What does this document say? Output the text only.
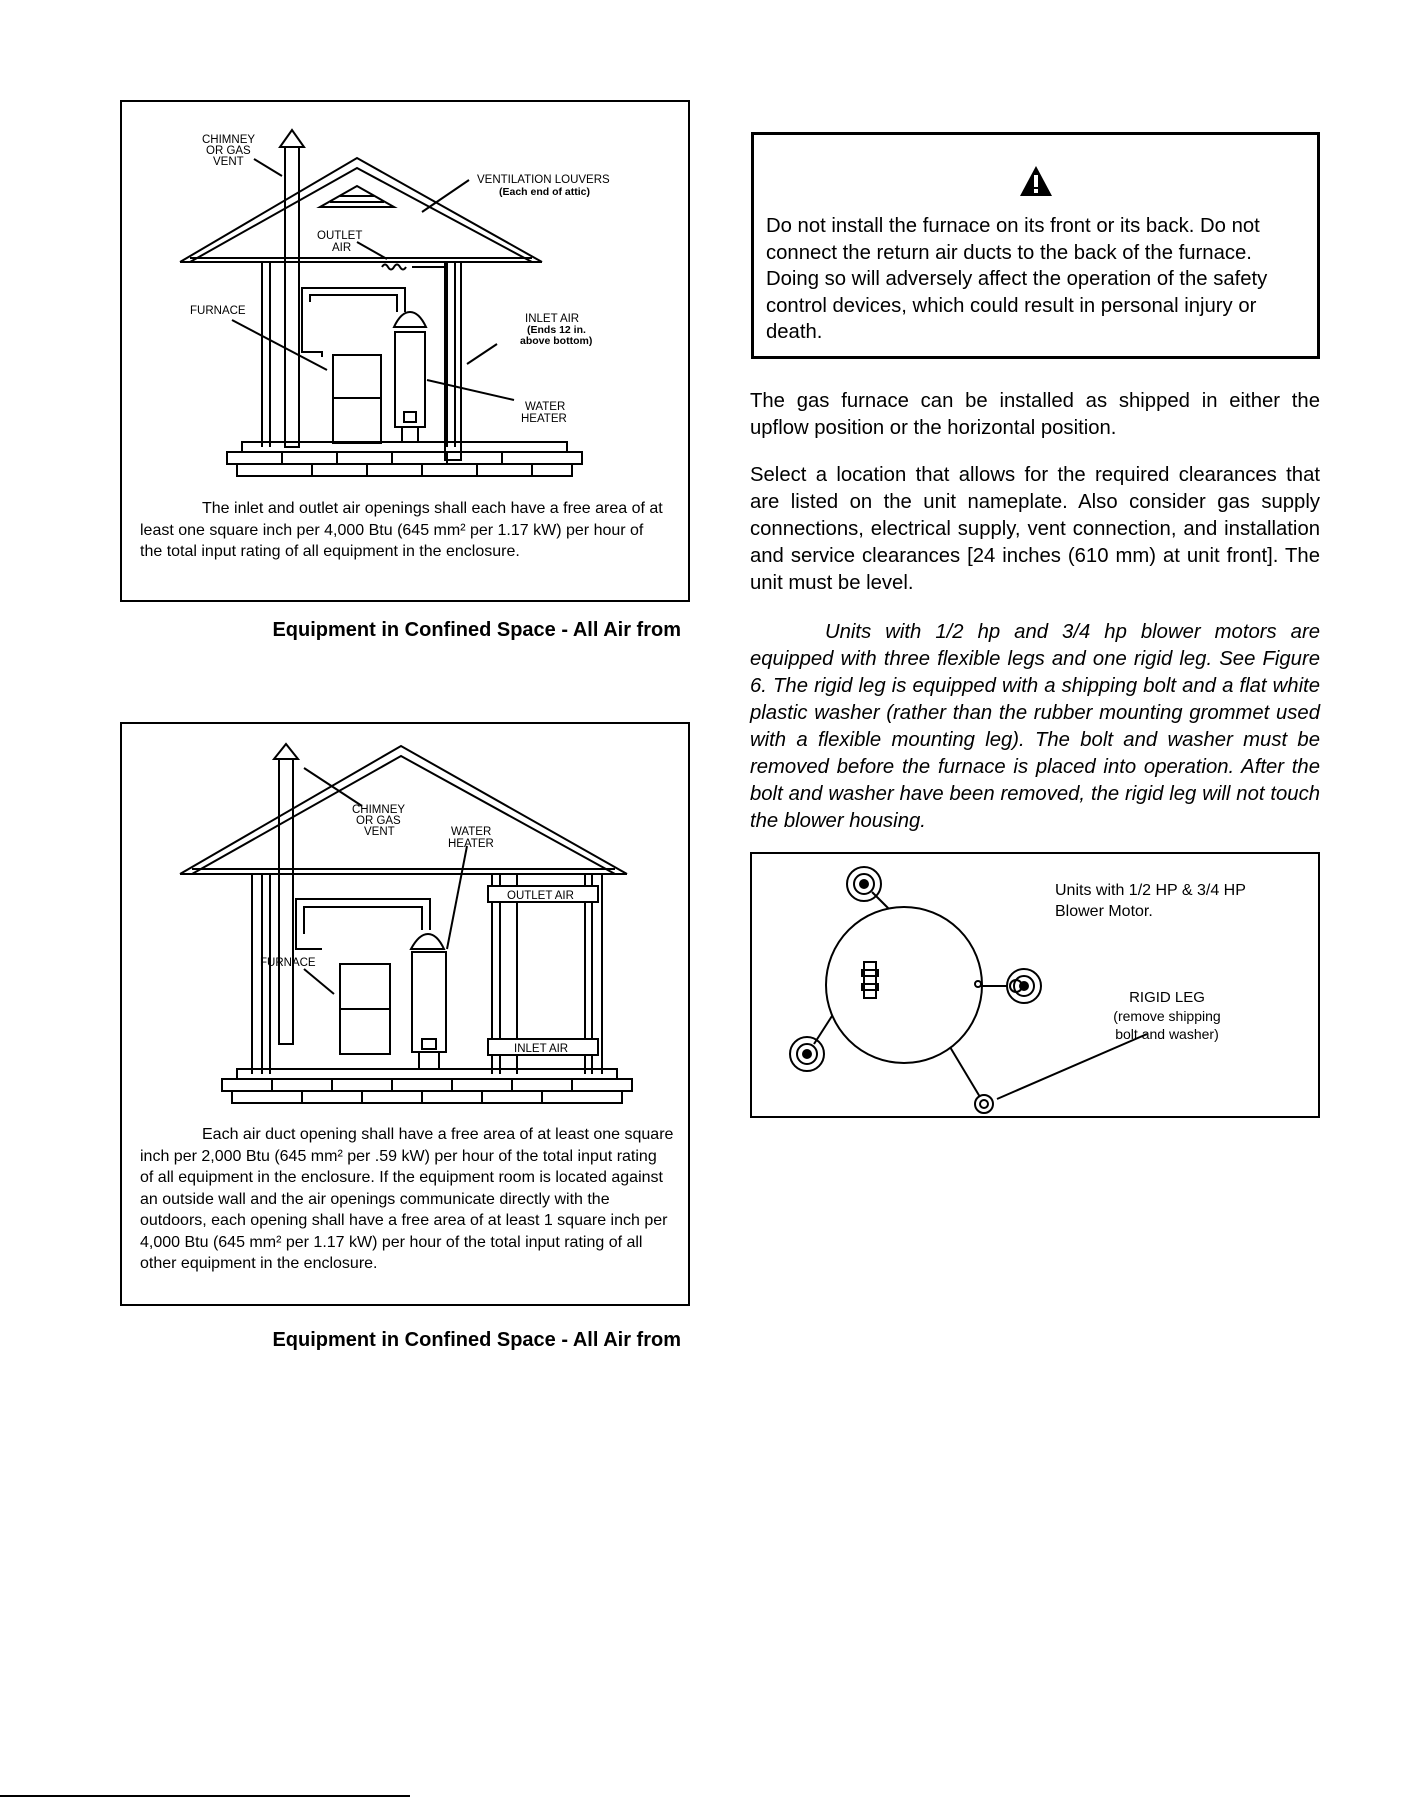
CHIMNEY
OR GAS
VENT
VENTILATION LOUVERS
(Each end of attic)
OUTLET
AIR
FURNACE
INLET AIR
(Ends 12 in.
above bottom)
WATER
HEATER
The inlet and outlet air openings shall each have a free area of at least one square inch per 4,000 Btu (645 mm² per 1.17 kW) per hour of the total input rating of all equipment in the enclosure.
Equipment in Confined Space - All Air from
CHIMNEY
OR GAS
VENT	WATER
HEATER
OUTLET AIR
FURNACE
INLET AIR
Each air duct opening shall have a free area of at least one square inch per 2,000 Btu (645 mm² per .59 kW) per hour of the total input rating of all equipment in the enclosure. If the equipment room is located against an outside wall and the air openings communicate directly with the outdoors, each opening shall have a free area of at least 1 square inch per 4,000 Btu (645 mm² per 1.17 kW) per hour of the total input rating of all other equipment in the enclosure.
Equipment in Confined Space - All Air from
Do not install the furnace on its front or its back. Do not connect the return air ducts to the back of the furnace. Doing so will adversely affect the operation of the safety control devices, which could result in personal injury or death.
The gas furnace can be installed as shipped in either the upflow position or the horizontal position.
Select a location that allows for the required clearances that are listed on the unit nameplate. Also consider gas supply connections, electrical supply, vent connection, and installation and service clearances [24 inches (610 mm) at unit front]. The unit must be level.
Units with 1/2 hp and 3/4 hp blower motors are equipped with three flexible legs and one rigid leg. See Figure 6. The rigid leg is equipped with a shipping bolt and a flat white plastic washer (rather than the rubber mounting grommet used with a flexible mounting leg). The bolt and washer must be removed before the furnace is placed into operation. After the bolt and washer have been removed, the rigid leg will not touch the blower housing.
Units with 1/2 HP & 3/4 HP
Blower Motor.
RIGID LEG
(remove shipping
bolt and washer)
